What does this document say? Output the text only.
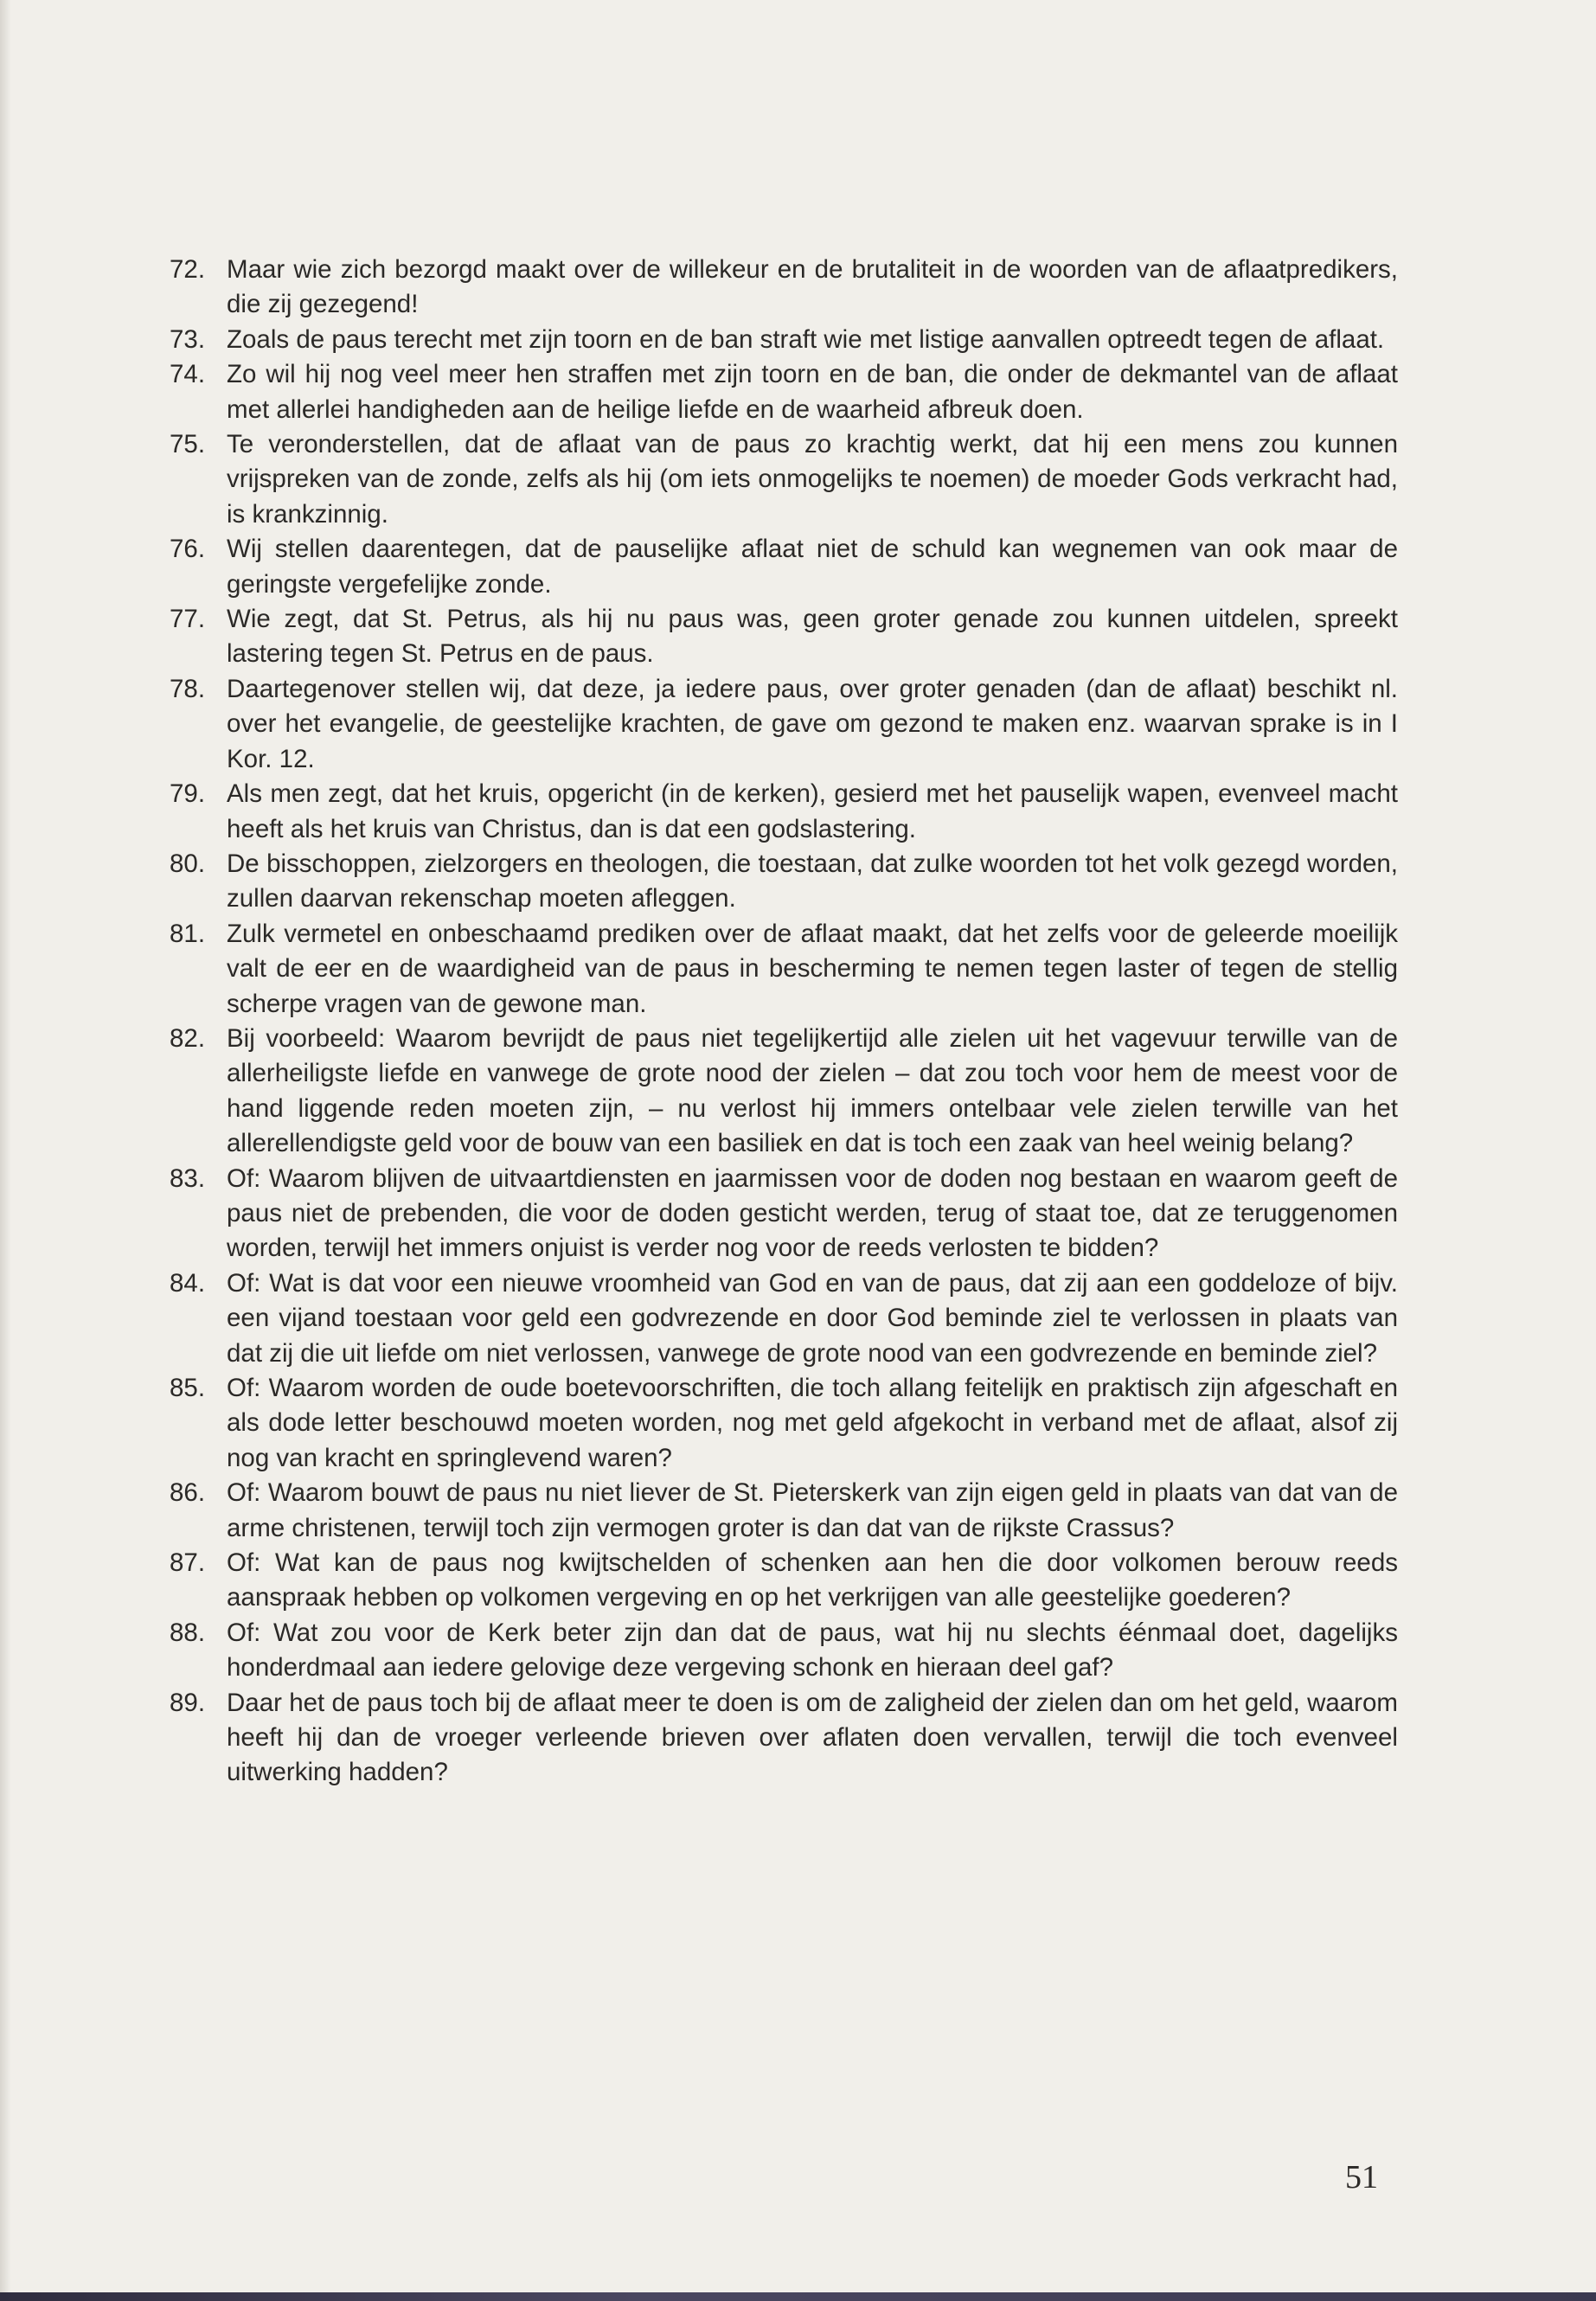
72. Maar wie zich bezorgd maakt over de willekeur en de brutaliteit in de woorden van de aflaatpredikers, die zij gezegend!
73. Zoals de paus terecht met zijn toorn en de ban straft wie met listige aanvallen optreedt tegen de aflaat.
74. Zo wil hij nog veel meer hen straffen met zijn toorn en de ban, die onder de dekmantel van de aflaat met allerlei handigheden aan de heilige liefde en de waarheid afbreuk doen.
75. Te veronderstellen, dat de aflaat van de paus zo krachtig werkt, dat hij een mens zou kunnen vrijspreken van de zonde, zelfs als hij (om iets onmogelijks te noemen) de moeder Gods verkracht had, is krankzinnig.
76. Wij stellen daarentegen, dat de pauselijke aflaat niet de schuld kan wegnemen van ook maar de geringste vergefelijke zonde.
77. Wie zegt, dat St. Petrus, als hij nu paus was, geen groter genade zou kunnen uitdelen, spreekt lastering tegen St. Petrus en de paus.
78. Daartegenover stellen wij, dat deze, ja iedere paus, over groter genaden (dan de aflaat) beschikt nl. over het evangelie, de geestelijke krachten, de gave om gezond te maken enz. waarvan sprake is in I Kor. 12.
79. Als men zegt, dat het kruis, opgericht (in de kerken), gesierd met het pauselijk wapen, evenveel macht heeft als het kruis van Christus, dan is dat een godslastering.
80. De bisschoppen, zielzorgers en theologen, die toestaan, dat zulke woorden tot het volk gezegd worden, zullen daarvan rekenschap moeten afleggen.
81. Zulk vermetel en onbeschaamd prediken over de aflaat maakt, dat het zelfs voor de geleerde moeilijk valt de eer en de waardigheid van de paus in bescherming te nemen tegen laster of tegen de stellig scherpe vragen van de gewone man.
82. Bij voorbeeld: Waarom bevrijdt de paus niet tegelijkertijd alle zielen uit het vagevuur terwille van de allerheiligste liefde en vanwege de grote nood der zielen – dat zou toch voor hem de meest voor de hand liggende reden moeten zijn, – nu verlost hij immers ontelbaar vele zielen terwille van het allerellendigste geld voor de bouw van een basiliek en dat is toch een zaak van heel weinig belang?
83. Of: Waarom blijven de uitvaartdiensten en jaarmissen voor de doden nog bestaan en waarom geeft de paus niet de prebenden, die voor de doden gesticht werden, terug of staat toe, dat ze teruggenomen worden, terwijl het immers onjuist is verder nog voor de reeds verlosten te bidden?
84. Of: Wat is dat voor een nieuwe vroomheid van God en van de paus, dat zij aan een goddeloze of bijv. een vijand toestaan voor geld een godvrezende en door God beminde ziel te verlossen in plaats van dat zij die uit liefde om niet verlossen, vanwege de grote nood van een godvrezende en beminde ziel?
85. Of: Waarom worden de oude boetevoorschriften, die toch allang feitelijk en praktisch zijn afgeschaft en als dode letter beschouwd moeten worden, nog met geld afgekocht in verband met de aflaat, alsof zij nog van kracht en springlevend waren?
86. Of: Waarom bouwt de paus nu niet liever de St. Pieterskerk van zijn eigen geld in plaats van dat van de arme christenen, terwijl toch zijn vermogen groter is dan dat van de rijkste Crassus?
87. Of: Wat kan de paus nog kwijtschelden of schenken aan hen die door volkomen berouw reeds aanspraak hebben op volkomen vergeving en op het verkrijgen van alle geestelijke goederen?
88. Of: Wat zou voor de Kerk beter zijn dan dat de paus, wat hij nu slechts éénmaal doet, dagelijks honderdmaal aan iedere gelovige deze vergeving schonk en hieraan deel gaf?
89. Daar het de paus toch bij de aflaat meer te doen is om de zaligheid der zielen dan om het geld, waarom heeft hij dan de vroeger verleende brieven over aflaten doen vervallen, terwijl die toch evenveel uitwerking hadden?
51
